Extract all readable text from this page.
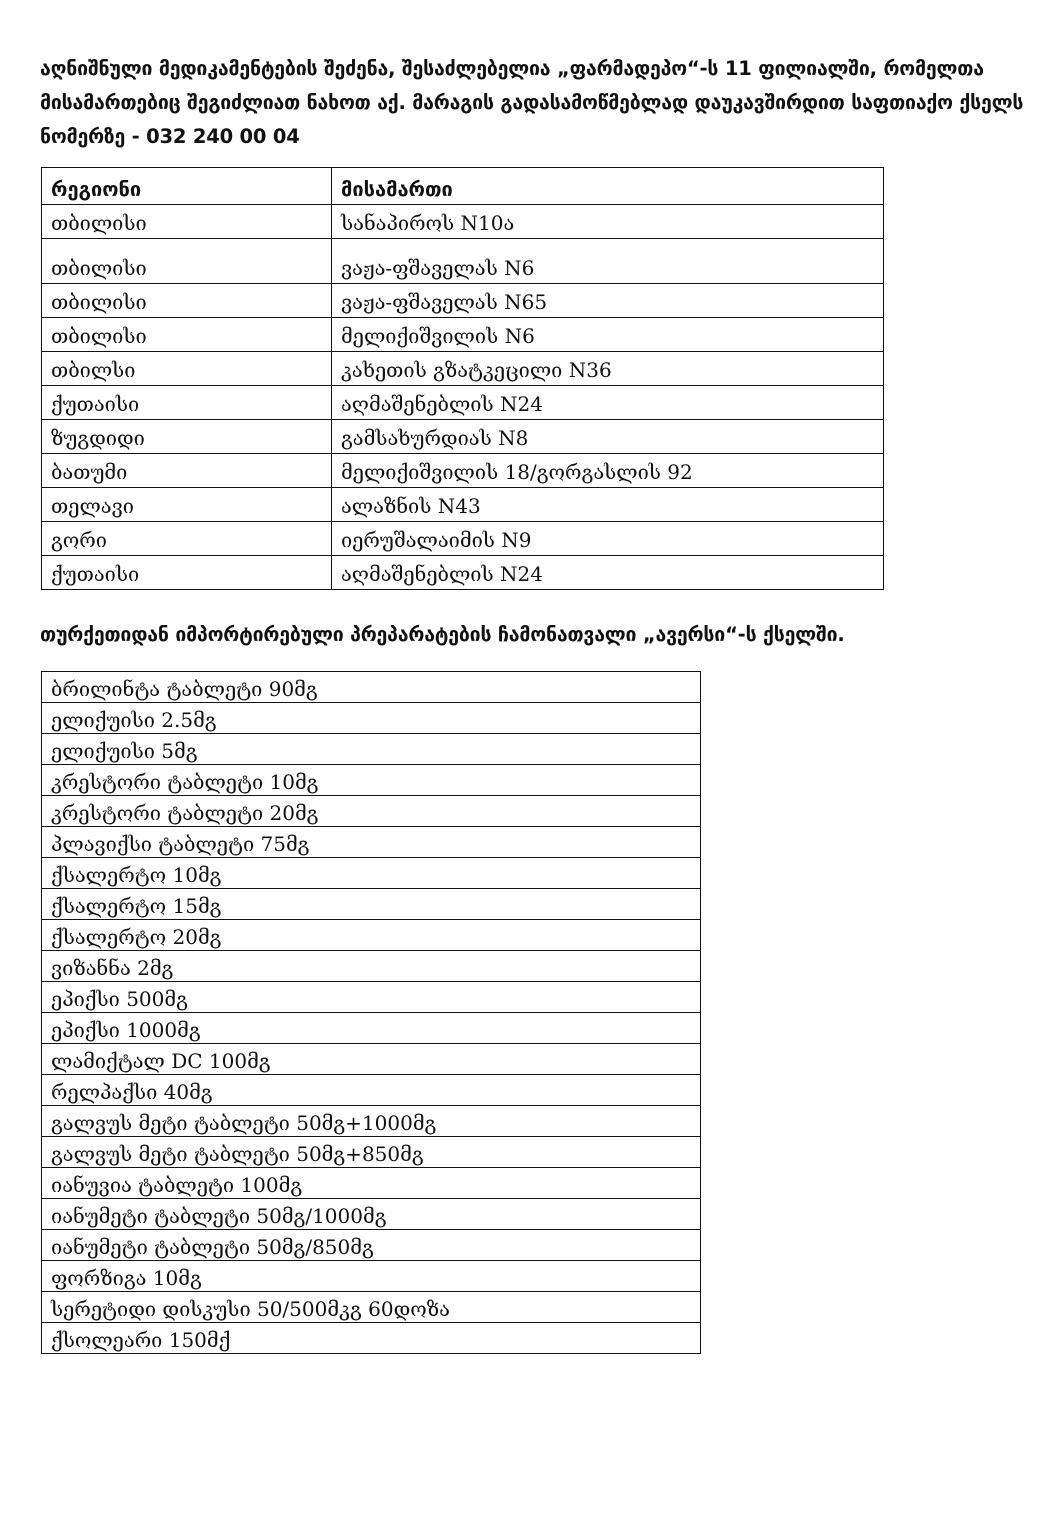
აღნიშნული მედიკამენტების შეძენა, შესაძლებელია „ფარმადეპო“-ს 11 ფილიალში, რომელთა მისამართებიც შეგიძლიათ ნახოთ აქ. მარაგის გადასამოწმებლად დაუკავშირდით საფთიაქო ქსელს ნომერზე - 032 240 00 04

რეგიონი	მისამართი
თბილისი	სანაპიროს N10ა
თბილისი	ვაჟა-ფშაველას N6
თბილისი	ვაჟა-ფშაველას N65
თბილისი	მელიქიშვილის N6
თბილსი	კახეთის გზატკეცილი N36
ქუთაისი	აღმაშენებლის N24
ზუგდიდი	გამსახურდიას N8
ბათუმი	მელიქიშვილის 18/გორგასლის 92
თელავი	ალაზნის N43
გორი	იერუშალაიმის N9
ქუთაისი	აღმაშენებლის N24

თურქეთიდან იმპორტირებული პრეპარატების ჩამონათვალი „ავერსი“-ს ქსელში.

ბრილინტა ტაბლეტი 90მგ
ელიქუისი 2.5მგ
ელიქუისი 5მგ
კრესტორი ტაბლეტი 10მგ
კრესტორი ტაბლეტი 20მგ
პლავიქსი ტაბლეტი 75მგ
ქსალერტო 10მგ
ქსალერტო 15მგ
ქსალერტო 20მგ
ვიზანნა 2მგ
ეპიქსი 500მგ
ეპიქსი 1000მგ
ლამიქტალ DC 100მგ
რელპაქსი 40მგ
გალვუს მეტი ტაბლეტი 50მგ+1000მგ
გალვუს მეტი ტაბლეტი 50მგ+850მგ
იანუვია ტაბლეტი 100მგ
იანუმეტი ტაბლეტი 50მგ/1000მგ
იანუმეტი ტაბლეტი 50მგ/850მგ
ფორზიგა 10მგ
სერეტიდი დისკუსი 50/500მკგ 60დოზა
ქსოლეარი 150მქ
